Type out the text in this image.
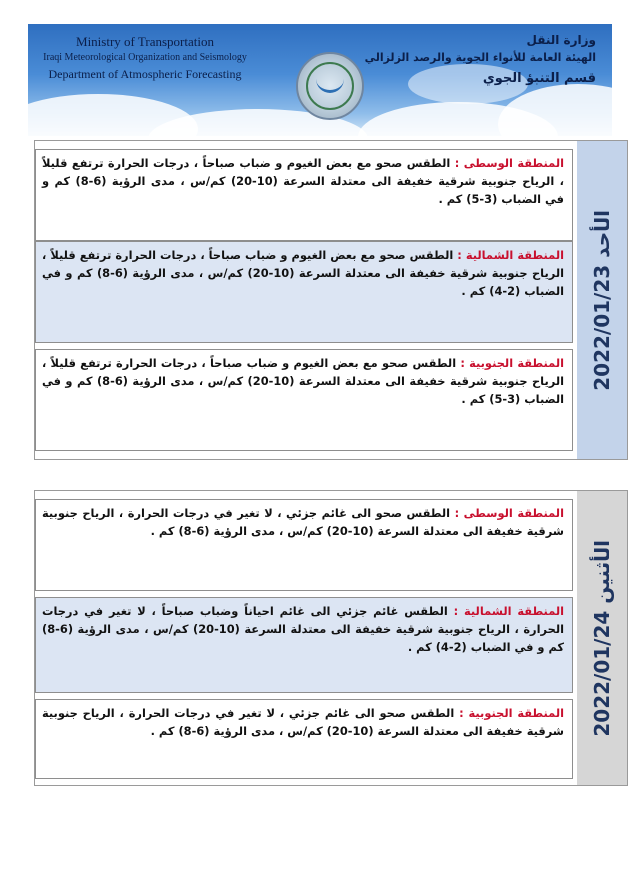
Ministry of Transportation
Iraqi Meteorological Organization and Seismology
Department of Atmospheric Forecasting
وزارة النقل
الهيئة العامة للأنواء الجوية والرصد الزلزالي
قسم التنبؤ الجوي
المنطقة الوسطى : الطقس صحو مع بعض الغيوم و ضباب صباحاً ، درجات الحرارة ترتفع قليلاً ، الرياح جنوبية شرقية خفيفة الى معتدلة السرعة (10-20) كم/س ، مدى الرؤية (6-8) كم و في الضباب (3-5) كم .
المنطقة الشمالية : الطقس صحو مع بعض الغيوم و ضباب صباحاً ، درجات الحرارة ترتفع قليلاً ، الرياح جنوبية شرقية خفيفة الى معتدلة السرعة (10-20) كم/س ، مدى الرؤية (6-8) كم و في الضباب (2-4) كم .
المنطقة الجنوبية : الطقس صحو مع بعض الغيوم و ضباب صباحاً ، درجات الحرارة ترتفع قليلاً ، الرياح جنوبية شرقية خفيفة الى معتدلة السرعة (10-20) كم/س ، مدى الرؤية (6-8) كم و في الضباب (3-5) كم .
الأحد 2022/01/23
المنطقة الوسطى : الطقس صحو الى غائم جزئي ، لا تغير في درجات الحرارة ، الرياح جنوبية شرقية خفيفة الى معتدلة السرعة (10-20) كم/س ، مدى الرؤية (6-8) كم .
المنطقة الشمالية : الطقس غائم جزئي الى غائم احياناً وضباب صباحاً ، لا تغير في درجات الحرارة ، الرياح جنوبية شرقية خفيفة الى معتدلة السرعة (10-20) كم/س ، مدى الرؤية (6-8) كم و في الضباب (2-4) كم .
المنطقة الجنوبية : الطقس صحو الى غائم جزئي ، لا تغير في درجات الحرارة ، الرياح جنوبية شرقية خفيفة الى معتدلة السرعة (10-20) كم/س ، مدى الرؤية (6-8) كم .	الأثنين 2022/01/24
